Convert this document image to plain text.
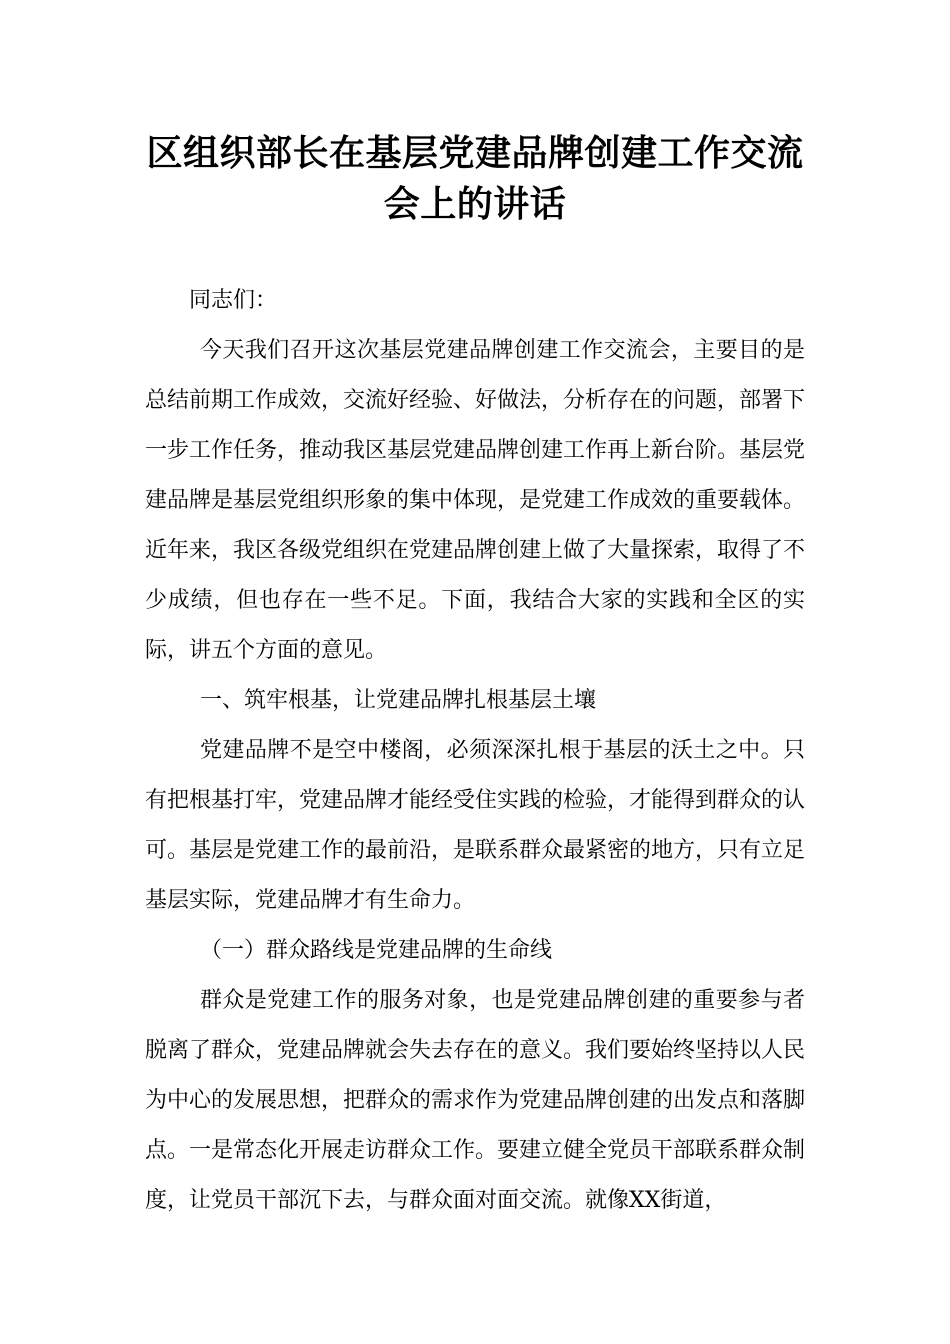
区组织部长在基层党建品牌创建工作交流
会上的讲话

同志们：

今天我们召开这次基层党建品牌创建工作交流会，主要目的是总结前期工作成效，交流好经验、好做法，分析存在的问题，部署下一步工作任务，推动我区基层党建品牌创建工作再上新台阶。基层党建品牌是基层党组织形象的集中体现，是党建工作成效的重要载体。近年来，我区各级党组织在党建品牌创建上做了大量探索，取得了不少成绩，但也存在一些不足。下面，我结合大家的实践和全区的实际，讲五个方面的意见。

一、筑牢根基，让党建品牌扎根基层土壤

党建品牌不是空中楼阁，必须深深扎根于基层的沃土之中。只有把根基打牢，党建品牌才能经受住实践的检验，才能得到群众的认可。基层是党建工作的最前沿，是联系群众最紧密的地方，只有立足基层实际，党建品牌才有生命力。

（一）群众路线是党建品牌的生命线

群众是党建工作的服务对象，也是党建品牌创建的重要参与者脱离了群众，党建品牌就会失去存在的意义。我们要始终坚持以人民为中心的发展思想，把群众的需求作为党建品牌创建的出发点和落脚点。一是常态化开展走访群众工作。要建立健全党员干部联系群众制度，让党员干部沉下去，与群众面对面交流。就像XX街道，
